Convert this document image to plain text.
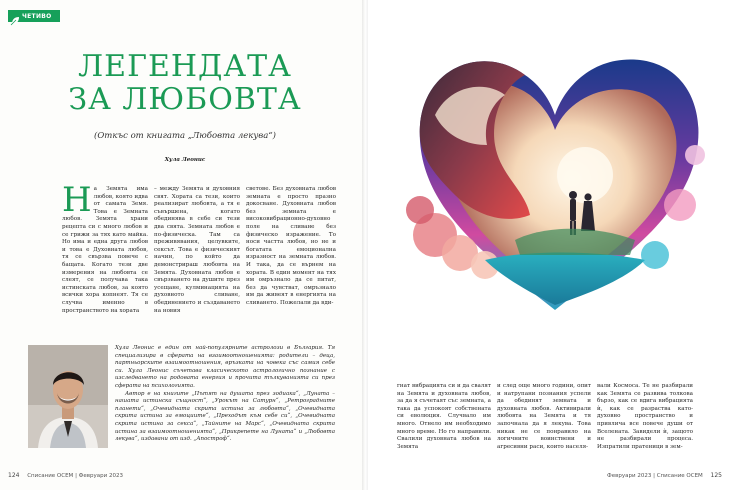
ЧЕТИВО
ЛЕГЕНДАТА
ЗА ЛЮБОВТА
(Откъс от книгата „Любовта лекува“)
Хула Леонис
Н а Земята има любов, която идва от самата Земя. Това е Земната любов. Земята храни рецепта си с много любов и се грижи за тях като майка. Но има и една друга любов и това е Духовната любов, тя се свързва повече с бащата. Когато тези две измерения на любовта се слеят, се получава така истинската любов, за която всички хора копнеят. Тя се случва именно в пространството на хората

– между Земята и духовния свят. Хората са тези, които реализират любовта, а тя е съвършена, когато обединява в себе си тези два свята. Земната любов е по-физическа. Там са преживявания, целувките, сексът. Това е физическият начин, по който да демонстрираш любовта на Земята. Духовната любов е свързването на душите през усещане, кулминацията на духовното сливане, обединението и създаването на новия

световe. Без духовната любов земната е просто празно докосване. Духовната любов без земната е високовибрационно-духовно поле на сливане без физическо изражение. То носи частта любов, но не и богатата емоционална изразност на земната любов. И така, да се върнем на хората. В един момент на тях им омръзнало да се питат, без да чувстват, омръзнало им да живеят в енергията на сливането. Пожелали да вди-

Хула Леонис е един от най-популярните астролози в България. Тя специализира в сферата на взаимоотношенията: родители – деца, партньорските взаимоотношения, връзката на човека със самия себе си. Хула Леонис съчетава класическото астрологично познание с изследването на родовата енергия и прочита тълкуванията си през сферата на психологията.
Автор е на книгите „Пътят на душата през зодиака“, „Луната – нашата истинска същност“, „Урокът на Сатурн“, „Ретроградните планети“, „Очевидната скрита истина за любовта“, „Очевидната скрита истина за емоциите“, „Преходът към себе си“, „Очевидната скрита истина за секса“, „Тайните на Марс“, „Очевидната скрита истина за взаимоотношенията“, „Прикрепете на Луната“ и „Любовта лекува“, издавани от изд. „Апостроф“.
124 Списание ОСЕМ | Февруари 2023

гнат вибрацията си и да свалят на Земята и духовната любов, за да я съчетаят със земната, а така да успокоят собствената си еволюция. Случвало им много. Отнело им необходимо много време. Но го направили. Свалили духовната любов на Земята

и след още много години, опит и натрупани познания успели да обединят земната и духовната любов. Активирали любовта на Земята и тя започнала да я лекува. Това никак не се понравило на логичните воинствени и агресивни раси, които населя-

вали Космоса. Те не разбирали как Земята се развива толкова бързо, как се вдига вибрацията ѝ, как се разраства като-духовно пространство и привлича все повече души от Вселената. Завидели ѝ, защото не разбирали процеса. Изпратили пратеници в зем-

Февруари 2023 | Списание ОСЕМ 125
